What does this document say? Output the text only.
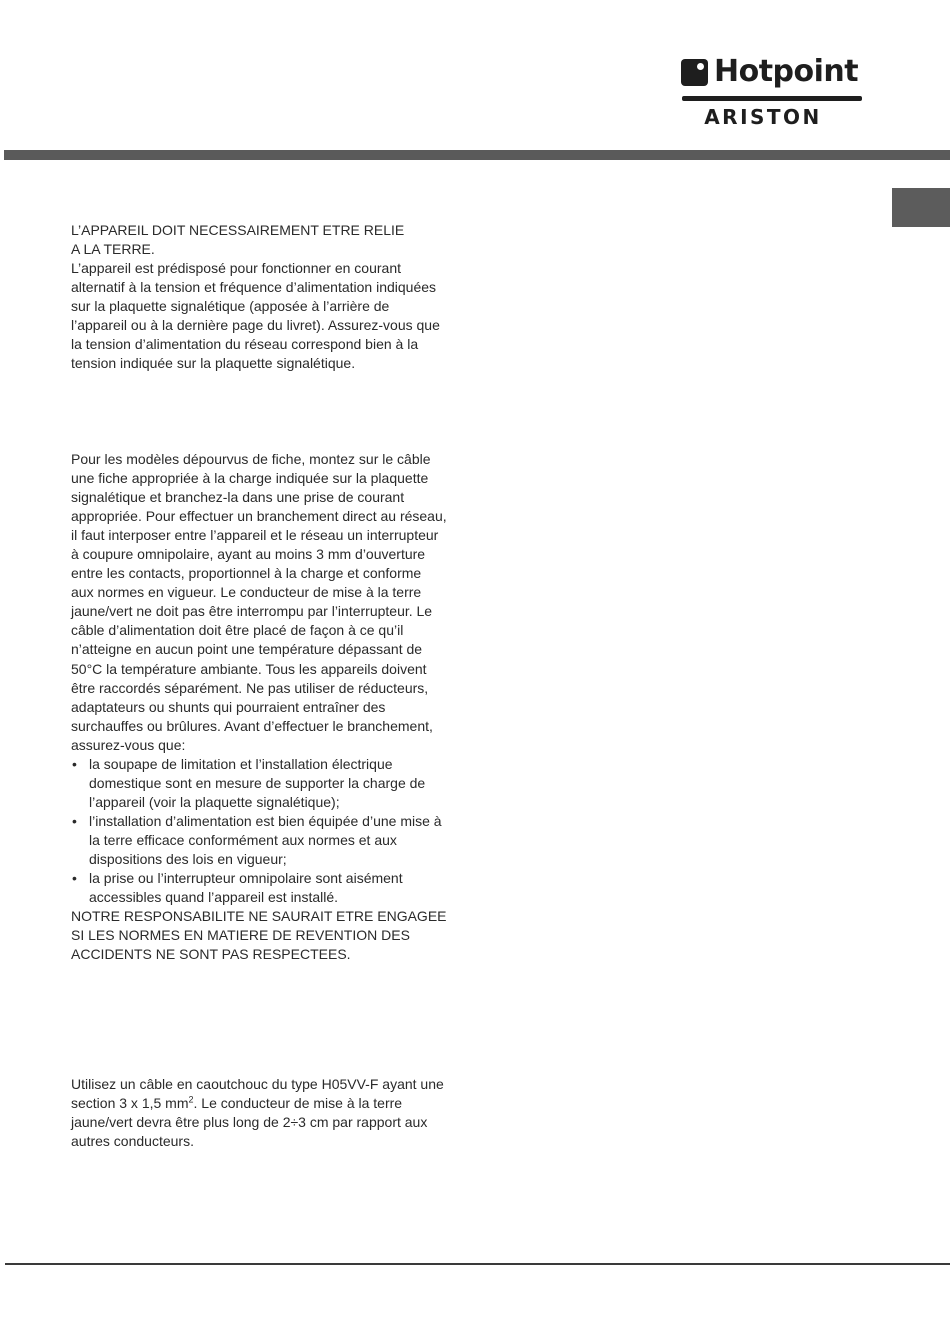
Hotpoint
ARISTON

L’APPAREIL DOIT NECESSAIREMENT ETRE RELIE

A LA TERRE.

L’appareil est prédisposé pour fonctionner en courant alternatif à la tension et fréquence d’alimentation indiquées sur la plaquette signalétique (apposée à l’arrière de l’appareil ou à la dernière page du livret). Assurez-vous que la tension d’alimentation du réseau correspond bien à la tension indiquée sur la plaquette signalétique.

Pour les modèles dépourvus de fiche, montez sur le câble une fiche appropriée à la charge indiquée sur la plaquette signalétique et branchez-la dans une prise de courant appropriée. Pour effectuer un branchement direct au réseau, il faut interposer entre l’appareil et le réseau un interrupteur à coupure omnipolaire, ayant au moins 3 mm d’ouverture entre les contacts, proportionnel à la charge et conforme aux normes en vigueur. Le conducteur de mise à la terre jaune/vert ne doit pas être interrompu par l’interrupteur. Le câble d’alimentation doit être placé de façon à ce qu’il n’atteigne en aucun point une température dépassant de 50°C la température ambiante. Tous les appareils doivent être raccordés séparément. Ne pas utiliser de réducteurs, adaptateurs ou shunts qui pourraient entraîner des surchauffes ou brûlures. Avant d’effectuer le branchement, assurez-vous que:

• la soupape de limitation et l’installation électrique domestique sont en mesure de supporter la charge de l’appareil (voir la plaquette signalétique);
• l’installation d’alimentation est bien équipée d’une mise à la terre efficace conformément aux normes et aux dispositions des lois en vigueur;
• la prise ou l’interrupteur omnipolaire sont aisément accessibles quand l’appareil est installé.

NOTRE RESPONSABILITE NE SAURAIT ETRE ENGAGEE SI LES NORMES EN MATIERE DE REVENTION DES ACCIDENTS NE SONT PAS RESPECTEES.

Utilisez un câble en caoutchouc du type H05VV-F ayant une section 3 x 1,5 $mm^2$. Le conducteur de mise à la terre jaune/vert devra être plus long de 2÷3 cm par rapport aux autres conducteurs.
